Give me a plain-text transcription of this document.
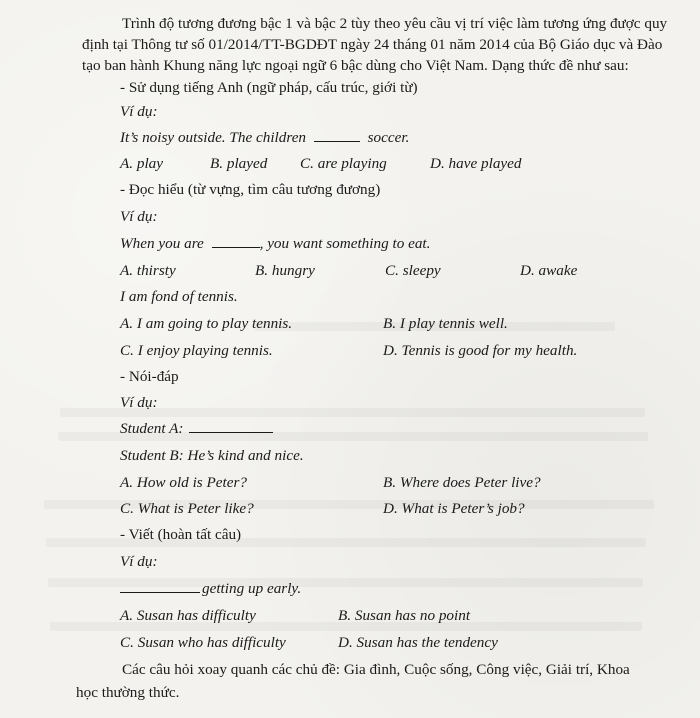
Trình độ tương đương bậc 1 và bậc 2 tùy theo yêu cầu vị trí việc làm tương ứng được quy
định tại Thông tư số 01/2014/TT-BGDĐT ngày 24 tháng 01 năm 2014 của Bộ Giáo dục và Đào
tạo ban hành Khung năng lực ngoại ngữ 6 bậc dùng cho Việt Nam. Dạng thức đề như sau:
- Sử dụng tiếng Anh (ngữ pháp, cấu trúc, giới từ)
Ví dụ:
It’s noisy outside. The children	soccer.
A. play	B. played C. are playing	D. have played
- Đọc hiểu (từ vựng, tìm câu tương đương)
Ví dụ:
When you are	, you want something to eat.
A. thirsty	B. hungry	C. sleepy	D. awake
I am fond of tennis.
A. I am going to play tennis.	B. I play tennis well.
C. I enjoy playing tennis.	D. Tennis is good for my health.
- Nói-đáp
Ví dụ:
Student A:
Student B: He’s kind and nice.
A. How old is Peter?	B. Where does Peter live?
C. What is Peter like?	D. What is Peter’s job?
- Viết (hoàn tất câu)
Ví dụ:
getting up early.
A. Susan has difficulty	B. Susan has no point
C. Susan who has difficulty	D. Susan has the tendency
Các câu hỏi xoay quanh các chủ đề: Gia đình, Cuộc sống, Công việc, Giải trí, Khoa
học thường thức.
